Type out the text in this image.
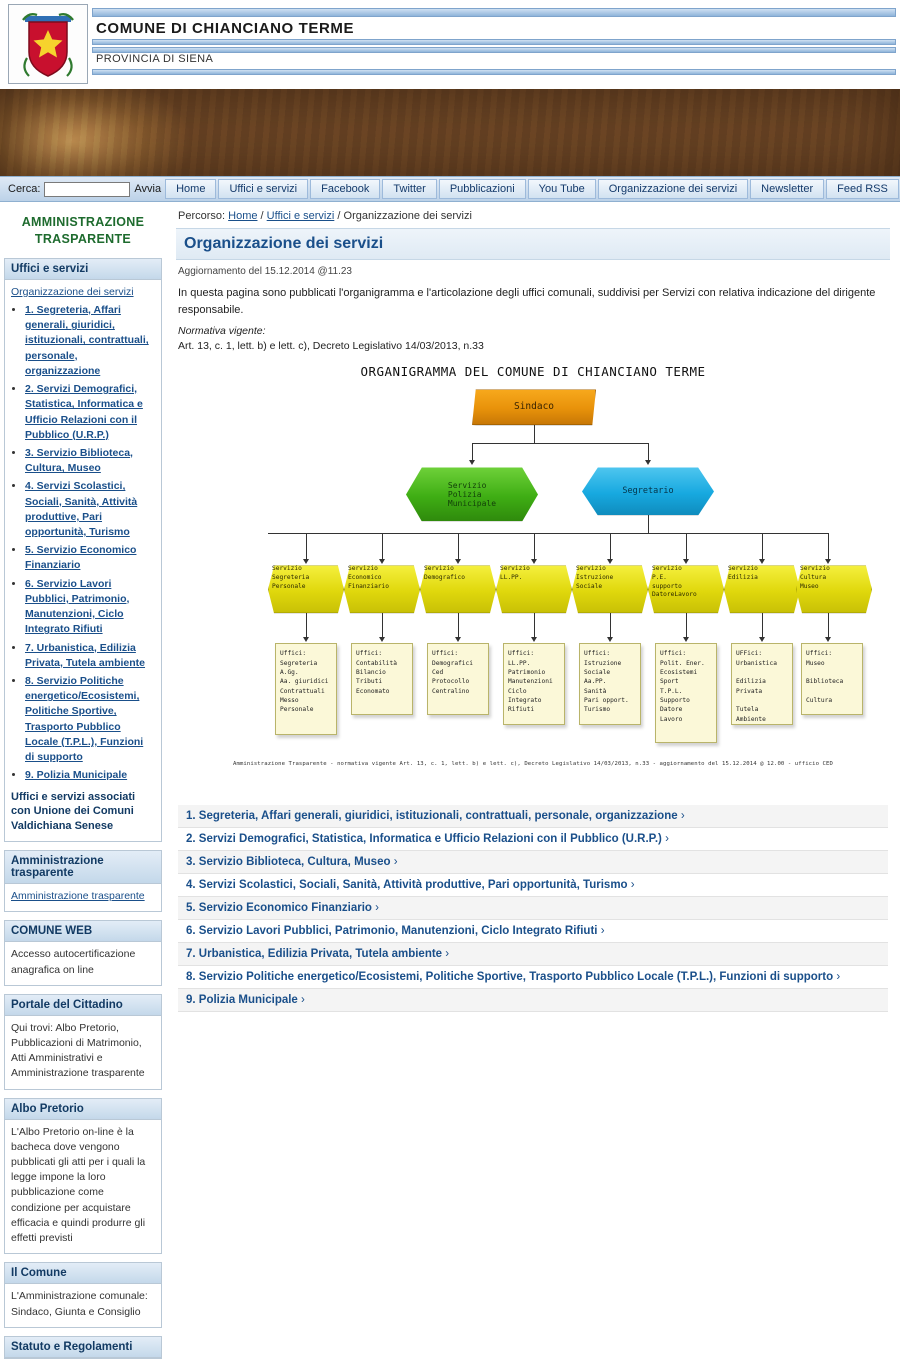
COMUNE DI CHIANCIANO TERME
PROVINCIA DI SIENA
Cerca:	Avvia	Home	Uffici e servizi	Facebook	Twitter	Pubblicazioni	You Tube	Organizzazione dei servizi	Newsletter	Feed RSS
AMMINISTRAZIONE TRASPARENTE
Uffici e servizi
Organizzazione dei servizi
• 1. Segreteria, Affari generali, giuridici, istituzionali, contrattuali, personale, organizzazione
• 2. Servizi Demografici, Statistica, Informatica e Ufficio Relazioni con il Pubblico (U.R.P.)
• 3. Servizio Biblioteca, Cultura, Museo
• 4. Servizi Scolastici, Sociali, Sanità, Attività produttive, Pari opportunità, Turismo
• 5. Servizio Economico Finanziario
• 6. Servizio Lavori Pubblici, Patrimonio, Manutenzioni, Ciclo Integrato Rifiuti
• 7. Urbanistica, Edilizia Privata, Tutela ambiente
• 8. Servizio Politiche energetico/Ecosistemi, Politiche Sportive, Trasporto Pubblico Locale (T.P.L.), Funzioni di supporto
• 9. Polizia Municipale
Uffici e servizi associati con Unione dei Comuni Valdichiana Senese
Amministrazione trasparente
Amministrazione trasparente
COMUNE WEB
Accesso autocertificazione anagrafica on line
Portale del Cittadino
Qui trovi: Albo Pretorio, Pubblicazioni di Matrimonio, Atti Amministrativi e Amministrazione trasparente
Albo Pretorio
L'Albo Pretorio on-line è la bacheca dove vengono pubblicati gli atti per i quali la legge impone la loro pubblicazione come condizione per acquistare efficacia e quindi produrre gli effetti previsti
Il Comune
L'Amministrazione comunale: Sindaco, Giunta e Consiglio
Statuto e Regolamenti
Percorso: Home / Uffici e servizi / Organizzazione dei servizi
Organizzazione dei servizi
Aggiornamento del 15.12.2014 @11.23
In questa pagina sono pubblicati l'organigramma e l'articolazione degli uffici comunali, suddivisi per Servizi con relativa indicazione del dirigente responsabile.
Normativa vigente:
Art. 13, c. 1, lett. b) e lett. c), Decreto Legislativo 14/03/2013, n.33
ORGANIGRAMMA DEL COMUNE DI CHIANCIANO TERME
Sindaco
Servizio
Polizia
Municipale
Segretario
Servizio
Segreteria
Personale
Servizio
Economico
Finanziario
Servizio
Demografico
Servizio
LL.PP.
Servizio
Istruzione
Sociale
Servizio
P.E.
supporto
DatoreLavoro
Servizio
Edilizia
Servizio
Cultura
Museo
Uffici:
Segreteria
A.Gg.
Aa. giuridici
Contrattuali
Messo
Personale
Uffici:
Contabilità
Bilancio
Tributi
Economato
Uffici:
Demografici
Ced
Protocollo
Centralino
Uffici:
LL.PP.
Patrimonio
Manutenzioni
Ciclo
Integrato
Rifiuti
Uffici:
Istruzione
Sociale
Aa.PP.
Sanità
Pari opport.
Turismo
Uffici:
Polit. Ener.
Ecosistemi
Sport
T.P.L.
Supporto
Datore
Lavoro
UFFici:
Urbanistica

Edilizia
Privata

Tutela
Ambiente
Uffici:
Museo

Biblioteca

Cultura
Amministrazione Trasparente - normativa vigente Art. 13, c. 1, lett. b) e lett. c), Decreto Legislativo 14/03/2013, n.33 - aggiornamento del 15.12.2014 @ 12.00 - ufficio CED
1. Segreteria, Affari generali, giuridici, istituzionali, contrattuali, personale, organizzazione ›
2. Servizi Demografici, Statistica, Informatica e Ufficio Relazioni con il Pubblico (U.R.P.) ›
3. Servizio Biblioteca, Cultura, Museo ›
4. Servizi Scolastici, Sociali, Sanità, Attività produttive, Pari opportunità, Turismo ›
5. Servizio Economico Finanziario ›
6. Servizio Lavori Pubblici, Patrimonio, Manutenzioni, Ciclo Integrato Rifiuti ›
7. Urbanistica, Edilizia Privata, Tutela ambiente ›
8. Servizio Politiche energetico/Ecosistemi, Politiche Sportive, Trasporto Pubblico Locale (T.P.L.), Funzioni di supporto ›
9. Polizia Municipale ›
